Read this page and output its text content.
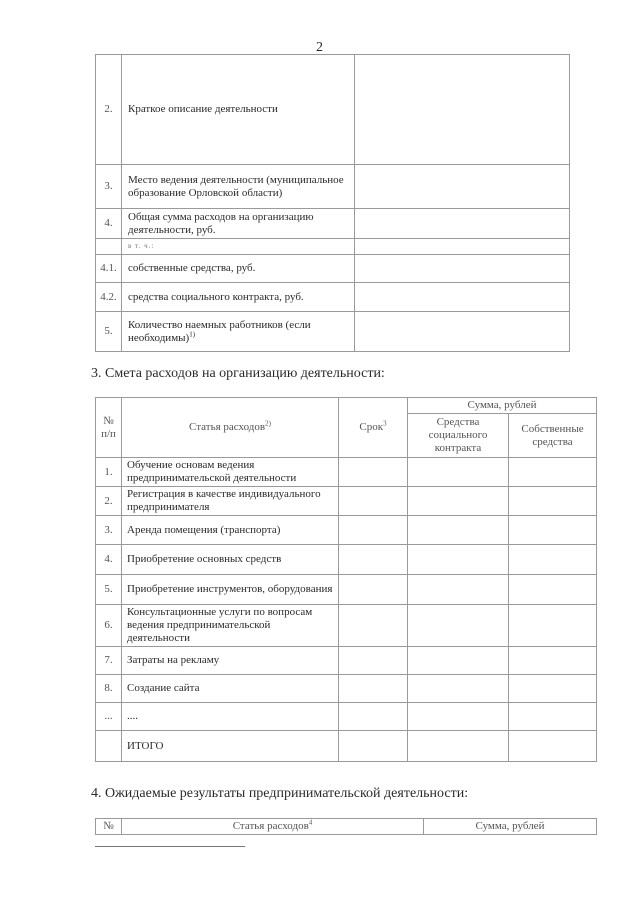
2
2.	Краткое описание деятельности	
3.	Место ведения деятельности (муниципальное образование Орловской области)	
4.	Общая сумма расходов на организацию деятельности, руб.	
	в т. ч.:	
4.1.	собственные средства, руб.	
4.2.	средства социального контракта, руб.	
5.	Количество наемных работников (если необходимы)$^{1)}$	
3. Смета расходов на организацию деятельности:
№ п/п	Статья расходов$^{2)}$	Срок$^3$	Сумма, рублей	
			Средства социального контракта	Собственные средства
1.	Обучение основам ведения предпринимательской деятельности			
2.	Регистрация в качестве индивидуального предпринимателя			
3.	Аренда помещения (транспорта)			
4.	Приобретение основных средств			
5.	Приобретение инструментов, оборудования			
6.	Консультационные услуги по вопросам ведения предпринимательской деятельности			
7.	Затраты на рекламу			
8.	Создание сайта			
...	....			
	ИТОГО			
4. Ожидаемые результаты предпринимательской деятельности:
№	Статья расходов$^4$	Сумма, рублей
